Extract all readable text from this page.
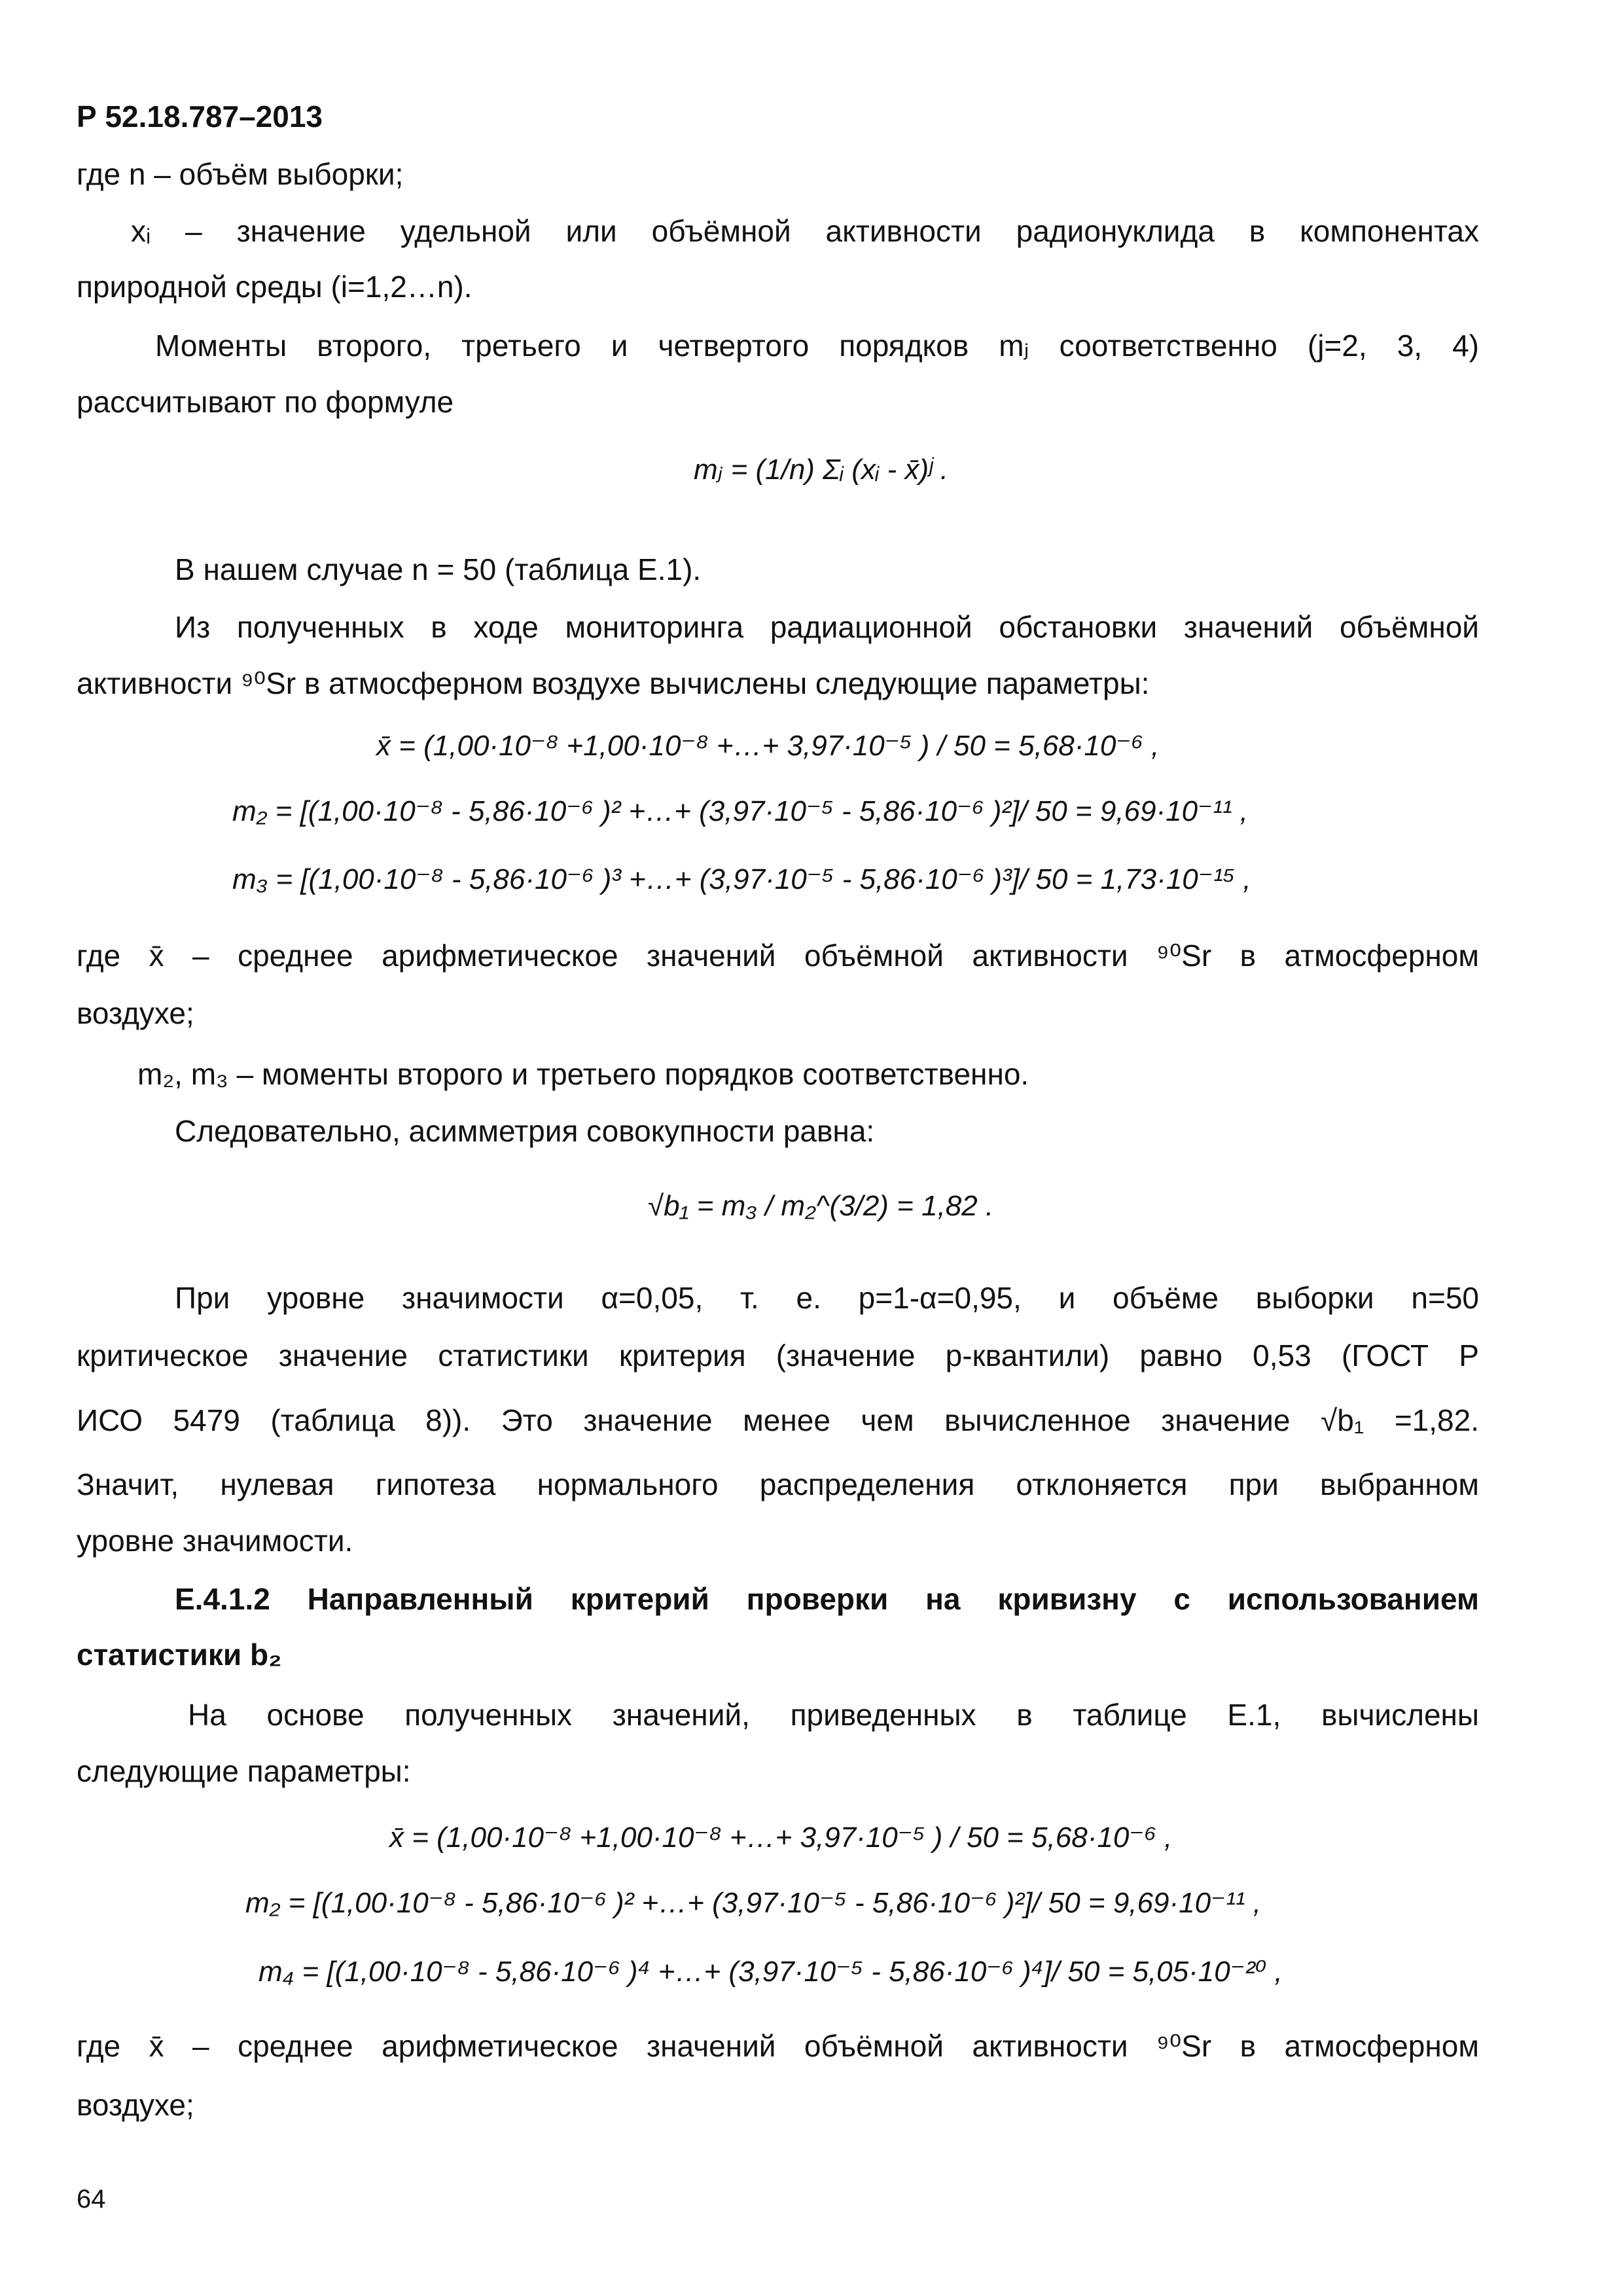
Р 52.18.787–2013
где n – объём выборки;
xᵢ – значение удельной или объёмной активности радионуклида в компонентах
природной среды (i=1,2…n).
Моменты второго, третьего и четвертого порядков mⱼ соответственно (j=2, 3, 4)
рассчитывают по формуле
mⱼ = (1/n) Σᵢ (xᵢ - x̄)ʲ .
В нашем случае n = 50 (таблица Е.1).
Из полученных в ходе мониторинга радиационной обстановки значений объёмной
активности ⁹⁰Sr в атмосферном воздухе вычислены следующие параметры:
x̄ = (1,00·10⁻⁸ +1,00·10⁻⁸ +…+ 3,97·10⁻⁵ ) / 50 = 5,68·10⁻⁶ ,
m₂ = [(1,00·10⁻⁸ - 5,86·10⁻⁶ )² +…+ (3,97·10⁻⁵ - 5,86·10⁻⁶ )²]/ 50 = 9,69·10⁻¹¹ ,
m₃ = [(1,00·10⁻⁸ - 5,86·10⁻⁶ )³ +…+ (3,97·10⁻⁵ - 5,86·10⁻⁶ )³]/ 50 = 1,73·10⁻¹⁵ ,
где x̄ – среднее арифметическое значений объёмной активности ⁹⁰Sr в атмосферном
воздухе;
m₂, m₃ – моменты второго и третьего порядков соответственно.
Следовательно, асимметрия совокупности равна:
√b₁ = m₃ / m₂^(3/2) = 1,82 .
При уровне значимости α=0,05, т. е. p=1-α=0,95, и объёме выборки n=50
критическое значение статистики критерия (значение p-квантили) равно 0,53 (ГОСТ Р
ИСО 5479 (таблица 8)). Это значение менее чем вычисленное значение √b₁ =1,82.
Значит, нулевая гипотеза нормального распределения отклоняется при выбранном
уровне значимости.
Е.4.1.2 Направленный критерий проверки на кривизну с использованием
статистики b₂
На основе полученных значений, приведенных в таблице Е.1, вычислены
следующие параметры:
x̄ = (1,00·10⁻⁸ +1,00·10⁻⁸ +…+ 3,97·10⁻⁵ ) / 50 = 5,68·10⁻⁶ ,
m₂ = [(1,00·10⁻⁸ - 5,86·10⁻⁶ )² +…+ (3,97·10⁻⁵ - 5,86·10⁻⁶ )²]/ 50 = 9,69·10⁻¹¹ ,
m₄ = [(1,00·10⁻⁸ - 5,86·10⁻⁶ )⁴ +…+ (3,97·10⁻⁵ - 5,86·10⁻⁶ )⁴]/ 50 = 5,05·10⁻²⁰ ,
где x̄ – среднее арифметическое значений объёмной активности ⁹⁰Sr в атмосферном
воздухе;
64
